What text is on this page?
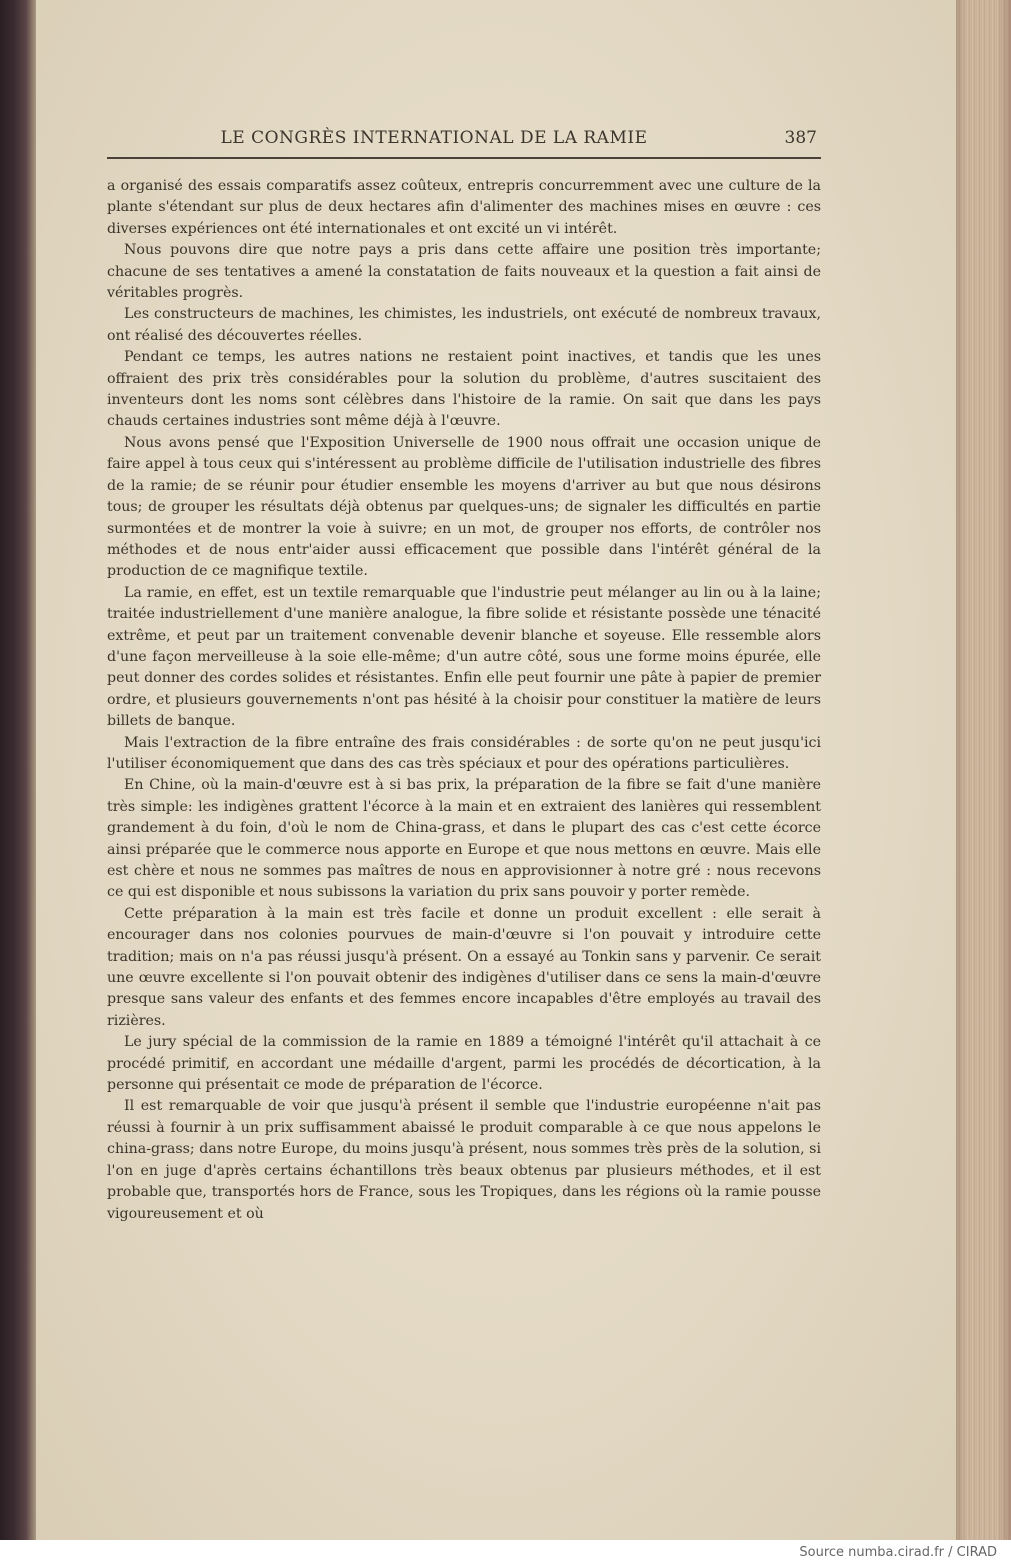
LE CONGRÈS INTERNATIONAL DE LA RAMIE	387

a organisé des essais comparatifs assez coûteux, entrepris concurremment avec une culture de la plante s'étendant sur plus de deux hectares afin d'alimenter des machines mises en œuvre : ces diverses expériences ont été internationales et ont excité un vi intérêt.

Nous pouvons dire que notre pays a pris dans cette affaire une position très importante; chacune de ses tentatives a amené la constatation de faits nouveaux et la question a fait ainsi de véritables progrès.

Les constructeurs de machines, les chimistes, les industriels, ont exécuté de nombreux travaux, ont réalisé des découvertes réelles.

Pendant ce temps, les autres nations ne restaient point inactives, et tandis que les unes offraient des prix très considérables pour la solution du problème, d'autres suscitaient des inventeurs dont les noms sont célèbres dans l'histoire de la ramie. On sait que dans les pays chauds certaines industries sont même déjà à l'œuvre.

Nous avons pensé que l'Exposition Universelle de 1900 nous offrait une occasion unique de faire appel à tous ceux qui s'intéressent au problème difficile de l'utilisation industrielle des fibres de la ramie; de se réunir pour étudier ensemble les moyens d'arriver au but que nous désirons tous; de grouper les résultats déjà obtenus par quelques-uns; de signaler les difficultés en partie surmontées et de montrer la voie à suivre; en un mot, de grouper nos efforts, de contrôler nos méthodes et de nous entr'aider aussi efficacement que possible dans l'intérêt général de la production de ce magnifique textile.

La ramie, en effet, est un textile remarquable que l'industrie peut mélanger au lin ou à la laine; traitée industriellement d'une manière analogue, la fibre solide et résistante possède une ténacité extrême, et peut par un traitement convenable devenir blanche et soyeuse. Elle ressemble alors d'une façon merveilleuse à la soie elle-même; d'un autre côté, sous une forme moins épurée, elle peut donner des cordes solides et résistantes. Enfin elle peut fournir une pâte à papier de premier ordre, et plusieurs gouvernements n'ont pas hésité à la choisir pour constituer la matière de leurs billets de banque.

Mais l'extraction de la fibre entraîne des frais considérables : de sorte qu'on ne peut jusqu'ici l'utiliser économiquement que dans des cas très spéciaux et pour des opérations particulières.

En Chine, où la main-d'œuvre est à si bas prix, la préparation de la fibre se fait d'une manière très simple: les indigènes grattent l'écorce à la main et en extraient des lanières qui ressemblent grandement à du foin, d'où le nom de China-grass, et dans le plupart des cas c'est cette écorce ainsi préparée que le commerce nous apporte en Europe et que nous mettons en œuvre. Mais elle est chère et nous ne sommes pas maîtres de nous en approvisionner à notre gré : nous recevons ce qui est disponible et nous subissons la variation du prix sans pouvoir y porter remède.

Cette préparation à la main est très facile et donne un produit excellent : elle serait à encourager dans nos colonies pourvues de main-d'œuvre si l'on pouvait y introduire cette tradition; mais on n'a pas réussi jusqu'à présent. On a essayé au Tonkin sans y parvenir. Ce serait une œuvre excellente si l'on pouvait obtenir des indigènes d'utiliser dans ce sens la main-d'œuvre presque sans valeur des enfants et des femmes encore incapables d'être employés au travail des rizières.

Le jury spécial de la commission de la ramie en 1889 a témoigné l'intérêt qu'il attachait à ce procédé primitif, en accordant une médaille d'argent, parmi les procédés de décortication, à la personne qui présentait ce mode de préparation de l'écorce.

Il est remarquable de voir que jusqu'à présent il semble que l'industrie européenne n'ait pas réussi à fournir à un prix suffisamment abaissé le produit comparable à ce que nous appelons le china-grass; dans notre Europe, du moins jusqu'à présent, nous sommes très près de la solution, si l'on en juge d'après certains échantillons très beaux obtenus par plusieurs méthodes, et il est probable que, transportés hors de France, sous les Tropiques, dans les régions où la ramie pousse vigoureusement et où

Source numba.cirad.fr / CIRAD
